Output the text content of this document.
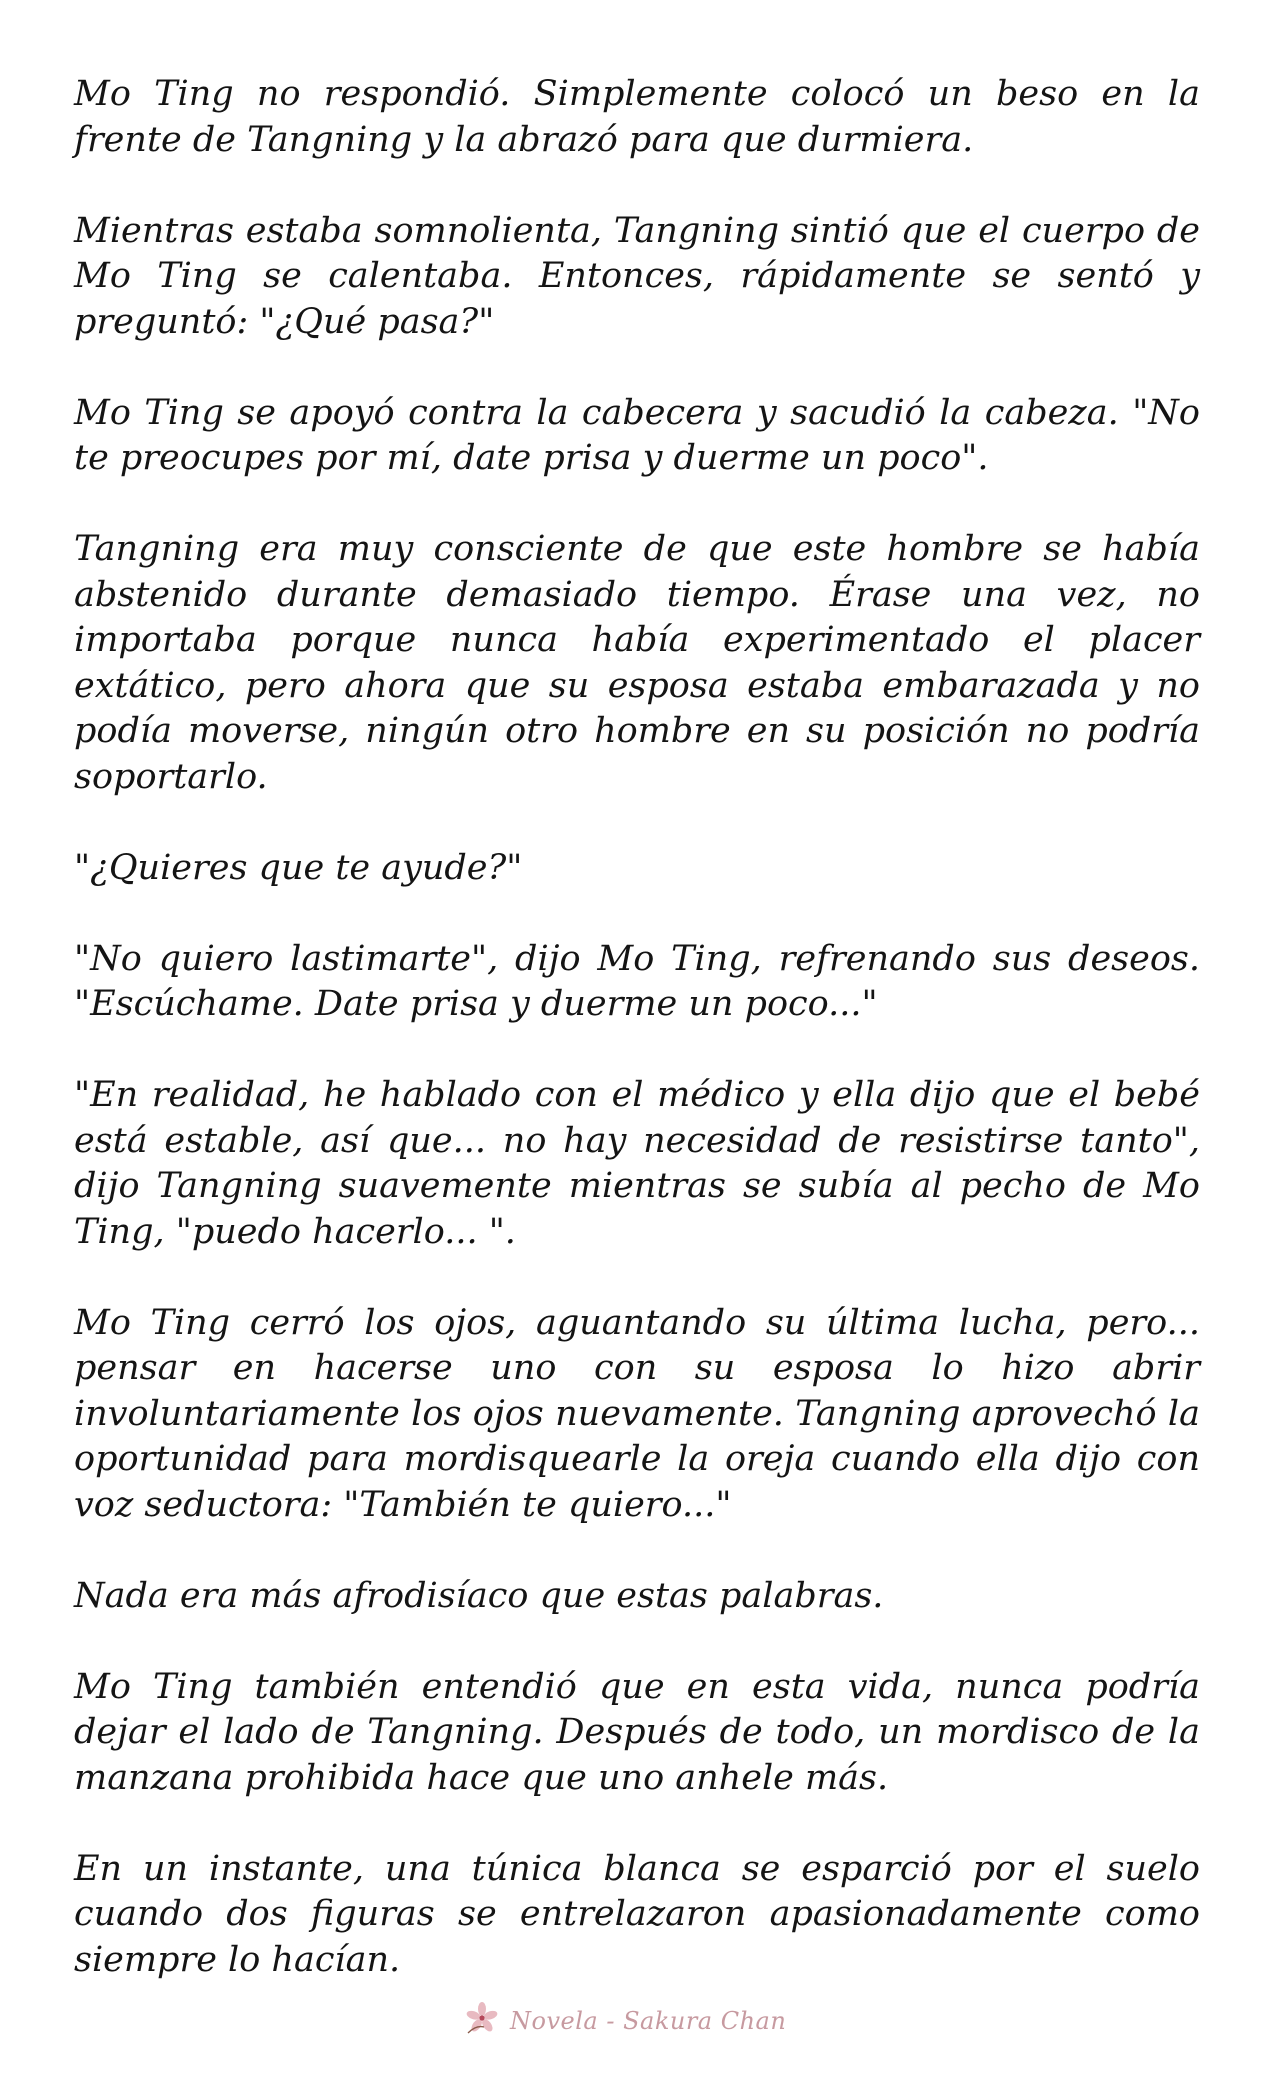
Mo Ting no respondió. Simplemente colocó un beso en la frente de Tangning y la abrazó para que durmiera.

Mientras estaba somnolienta, Tangning sintió que el cuerpo de Mo Ting se calentaba. Entonces, rápidamente se sentó y preguntó: "¿Qué pasa?"

Mo Ting se apoyó contra la cabecera y sacudió la cabeza. "No te preocupes por mí, date prisa y duerme un poco".

Tangning era muy consciente de que este hombre se había abstenido durante demasiado tiempo. Érase una vez, no importaba porque nunca había experimentado el placer extático, pero ahora que su esposa estaba embarazada y no podía moverse, ningún otro hombre en su posición no podría soportarlo.

"¿Quieres que te ayude?"

"No quiero lastimarte", dijo Mo Ting, refrenando sus deseos. "Escúchame. Date prisa y duerme un poco..."

"En realidad, he hablado con el médico y ella dijo que el bebé está estable, así que... no hay necesidad de resistirse tanto", dijo Tangning suavemente mientras se subía al pecho de Mo Ting, "puedo hacerlo... ".

Mo Ting cerró los ojos, aguantando su última lucha, pero... pensar en hacerse uno con su esposa lo hizo abrir involuntariamente los ojos nuevamente. Tangning aprovechó la oportunidad para mordisquearle la oreja cuando ella dijo con voz seductora: "También te quiero..."

Nada era más afrodisíaco que estas palabras.

Mo Ting también entendió que en esta vida, nunca podría dejar el lado de Tangning. Después de todo, un mordisco de la manzana prohibida hace que uno anhele más.

En un instante, una túnica blanca se esparció por el suelo cuando dos figuras se entrelazaron apasionadamente como siempre lo hacían.

Novela - Sakura Chan
